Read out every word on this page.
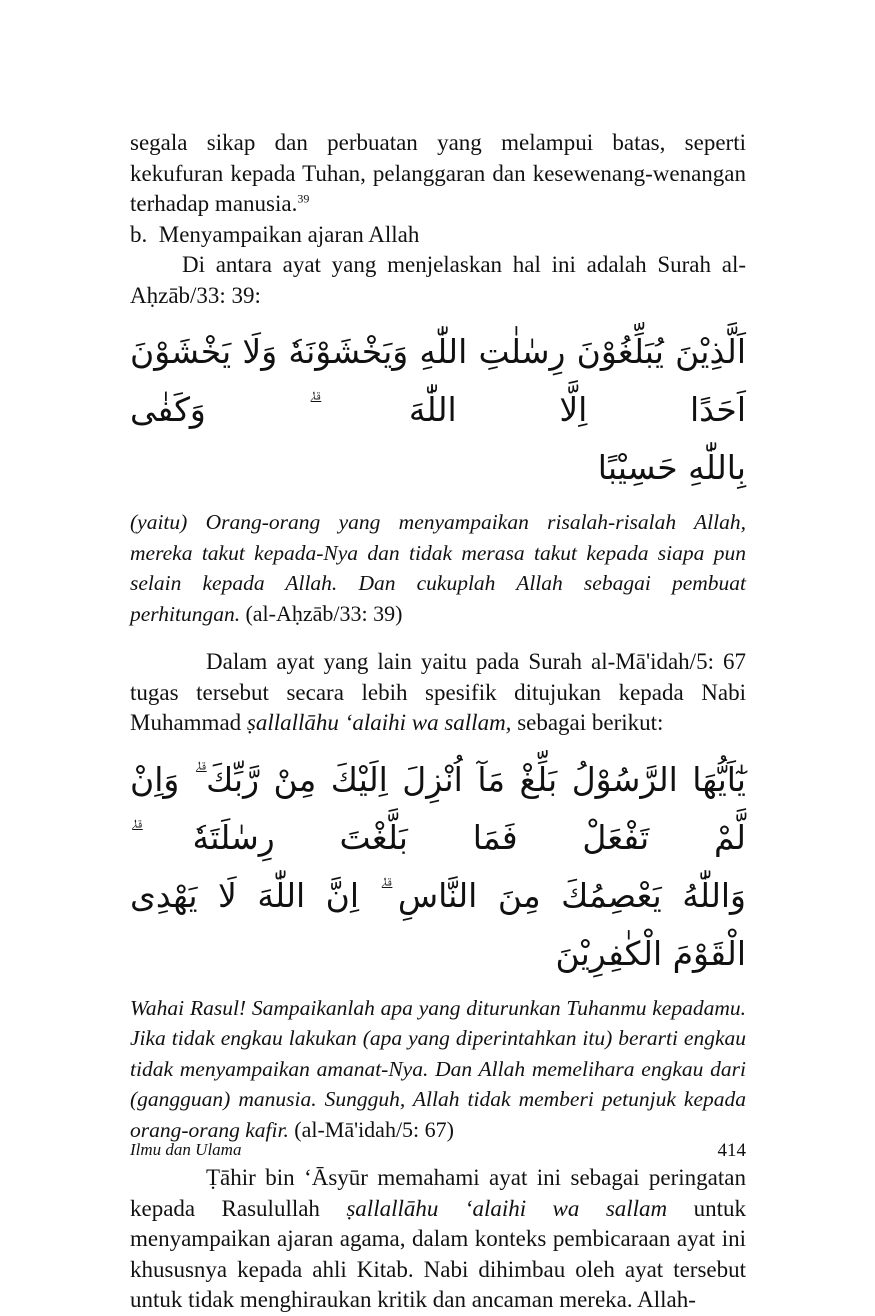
segala sikap dan perbuatan yang melampui batas, seperti kekufuran kepada Tuhan, pelanggaran dan kesewenang-wenangan terhadap manusia.$^{39}$

b. Menyampaikan ajaran Allah

Di antara ayat yang menjelaskan hal ini adalah Surah al-Aḥzāb/33: 39:

اَلَّذِيْنَ يُبَلِّغُوْنَ رِسٰلٰتِ اللّٰهِ وَيَخْشَوْنَهٗ وَلَا يَخْشَوْنَ اَحَدًا اِلَّا اللّٰهَ ۗ وَكَفٰى
بِاللّٰهِ حَسِيْبًا

(yaitu) Orang-orang yang menyampaikan risalah-risalah Allah, mereka takut kepada-Nya dan tidak merasa takut kepada siapa pun selain kepada Allah. Dan cukuplah Allah sebagai pembuat perhitungan. (al-Aḥzāb/33: 39)

Dalam ayat yang lain yaitu pada Surah al-Mā'idah/5: 67 tugas tersebut secara lebih spesifik ditujukan kepada Nabi Muhammad ṣallallāhu ‘alaihi wa sallam, sebagai berikut:

يٰٓاَيُّهَا الرَّسُوْلُ بَلِّغْ مَآ اُنْزِلَ اِلَيْكَ مِنْ رَّبِّكَ ۗ وَاِنْ لَّمْ تَفْعَلْ فَمَا بَلَّغْتَ رِسٰلَتَهٗ ۗ
وَاللّٰهُ يَعْصِمُكَ مِنَ النَّاسِ ۗ اِنَّ اللّٰهَ لَا يَهْدِى الْقَوْمَ الْكٰفِرِيْنَ

Wahai Rasul! Sampaikanlah apa yang diturunkan Tuhanmu kepadamu. Jika tidak engkau lakukan (apa yang diperintahkan itu) berarti engkau tidak menyampaikan amanat-Nya. Dan Allah memelihara engkau dari (gangguan) manusia. Sungguh, Allah tidak memberi petunjuk kepada orang-orang kafir. (al-Mā'idah/5: 67)

Ṭāhir bin ‘Āsyūr memahami ayat ini sebagai peringatan kepada Rasulullah ṣallallāhu ‘alaihi wa sallam untuk menyampaikan ajaran agama, dalam konteks pembicaraan ayat ini khususnya kepada ahli Kitab. Nabi dihimbau oleh ayat tersebut untuk tidak menghiraukan kritik dan ancaman mereka. Allah-

Ilmu dan Ulama	414
